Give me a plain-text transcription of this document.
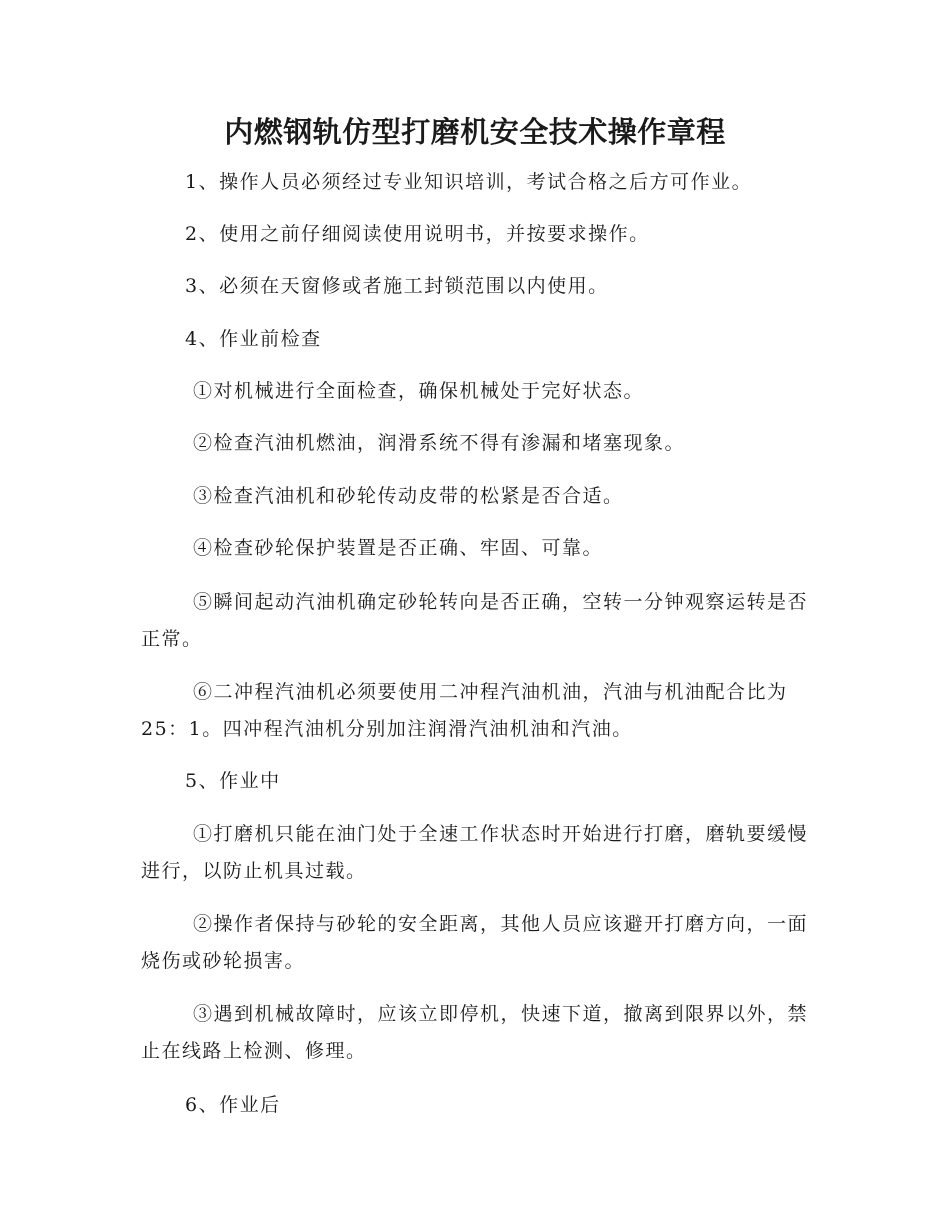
内燃钢轨仿型打磨机安全技术操作章程

1、操作人员必须经过专业知识培训，考试合格之后方可作业。

2、使用之前仔细阅读使用说明书，并按要求操作。

3、必须在天窗修或者施工封锁范围以内使用。

4、作业前检查

①对机械进行全面检查，确保机械处于完好状态。

②检查汽油机燃油，润滑系统不得有渗漏和堵塞现象。

③检查汽油机和砂轮传动皮带的松紧是否合适。

④检查砂轮保护装置是否正确、牢固、可靠。

⑤瞬间起动汽油机确定砂轮转向是否正确，空转一分钟观察运转是否正常。

⑥二冲程汽油机必须要使用二冲程汽油机油，汽油与机油配合比为25：1。四冲程汽油机分别加注润滑汽油机油和汽油。

5、作业中

①打磨机只能在油门处于全速工作状态时开始进行打磨，磨轨要缓慢进行，以防止机具过载。

②操作者保持与砂轮的安全距离，其他人员应该避开打磨方向，一面烧伤或砂轮损害。

③遇到机械故障时，应该立即停机，快速下道，撤离到限界以外，禁止在线路上检测、修理。

6、作业后
